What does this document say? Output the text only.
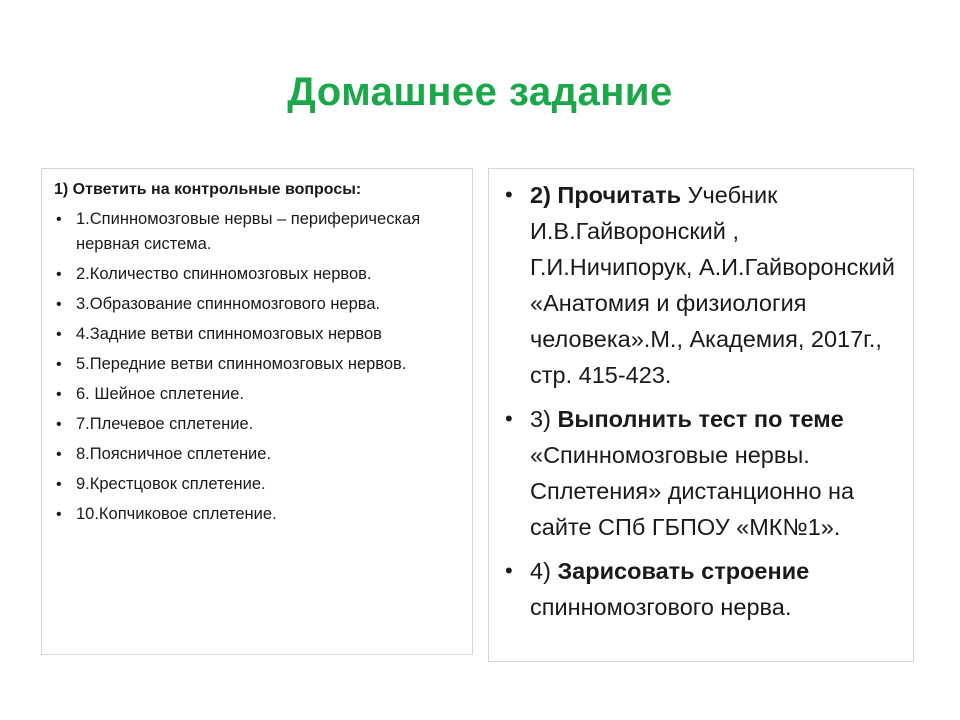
Домашнее задание
1) Ответить на контрольные вопросы:
• 1.Спинномозговые нервы – периферическая нервная система.
• 2.Количество спинномозговых нервов.
• 3.Образование спинномозгового нерва.
• 4.Задние ветви спинномозговых нервов
• 5.Передние ветви спинномозговых нервов.
• 6. Шейное сплетение.
• 7.Плечевое сплетение.
• 8.Поясничное сплетение.
• 9.Крестцовок сплетение.
• 10.Копчиковое сплетение.
• 2) Прочитать Учебник И.В.Гайворонский , Г.И.Ничипорук, А.И.Гайворонский «Анатомия и физиология человека».М., Академия, 2017г., стр. 415-423.
• 3) Выполнить тест по теме «Спинномозговые нервы. Сплетения» дистанционно на сайте СПб ГБПОУ «МК№1».
• 4) Зарисовать строение спинномозгового нерва.
